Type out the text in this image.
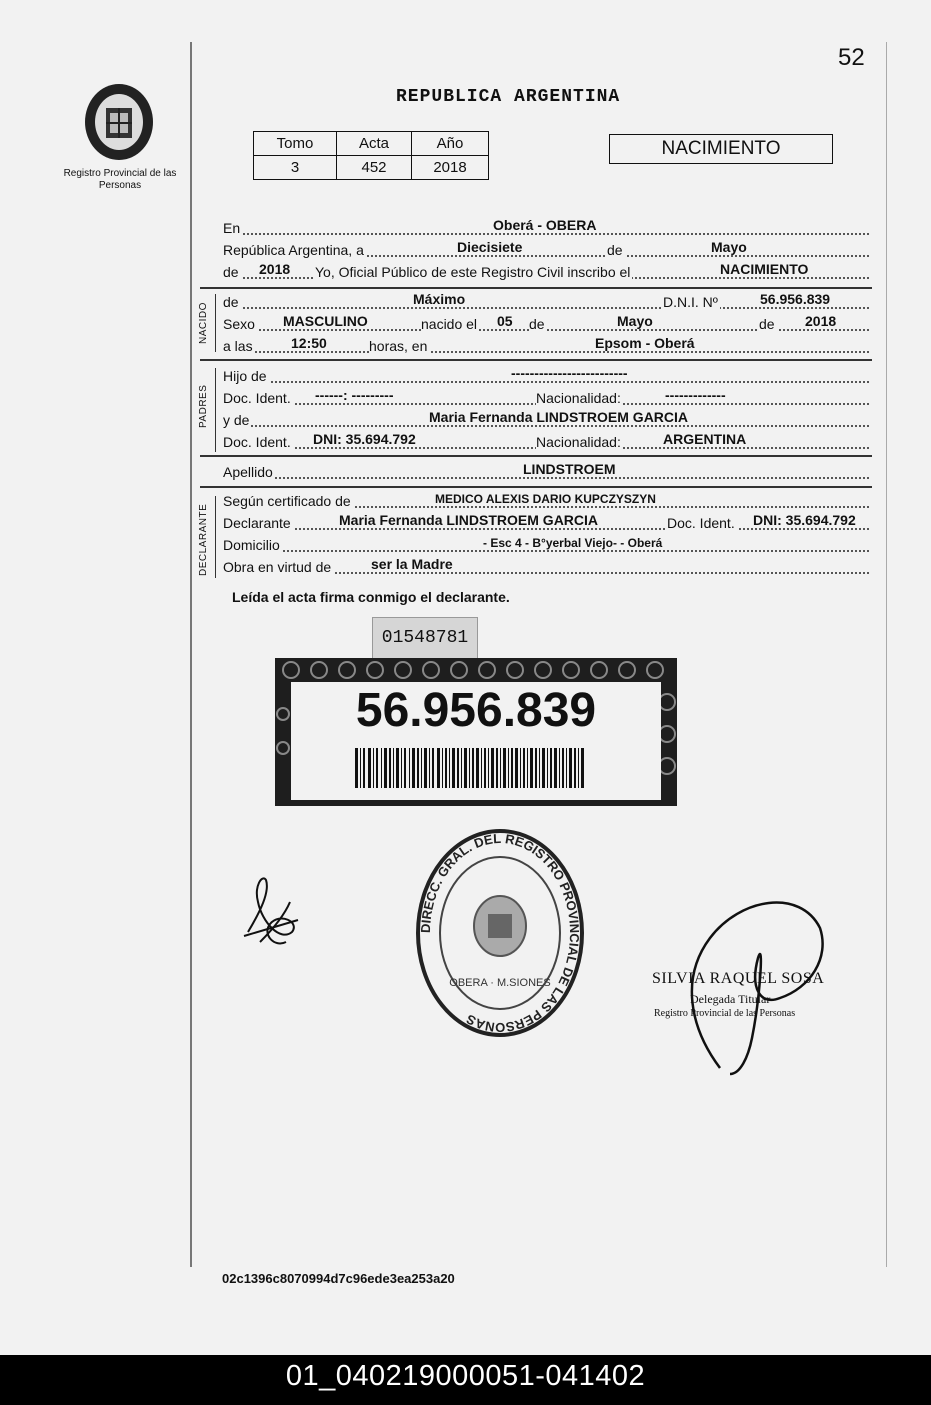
52
Registro Provincial de las Personas
REPUBLICA ARGENTINA
Tomo	Acta	Año
3	452	2018
NACIMIENTO
En	Oberá - OBERA
República Argentina, a	Diecisiete	de	Mayo
de 2018 Yo, Oficial Público de este Registro Civil inscribo el	NACIMIENTO
NACIDO
de	Máximo	D.N.I. Nº	56.956.839
Sexo MASCULINO	nacido el 05 de	Mayo	de 2018
a las	12:50	horas, en	Epsom - Oberá
PADRES
Hijo de	-------------------------
Doc. Ident. ------: ---------	Nacionalidad:	-------------
y de	Maria Fernanda LINDSTROEM GARCIA
Doc. Ident. DNI: 35.694.792	Nacionalidad:	ARGENTINA
Apellido	LINDSTROEM
DECLARANTE
Según certificado de	MEDICO ALEXIS DARIO KUPCZYSZYN
Declarante	Maria Fernanda LINDSTROEM GARCIA	Doc. Ident. DNI: 35.694.792
Domicilio	- Esc 4 - B°yerbal Viejo- - Oberá
Obra en virtud de	ser la Madre
Leída el acta firma conmigo el declarante.
01548781
56.956.839
DIRECC. GRAL. DEL REGISTRO PROVINCIAL DE LAS PERSONAS
OBERA · M.SIONES	SILVIA RAQUEL SOSA
Delegada Titular
Registro Provincial de las Personas
02c1396c8070994d7c96ede3ea253a20
01_040219000051-041402
